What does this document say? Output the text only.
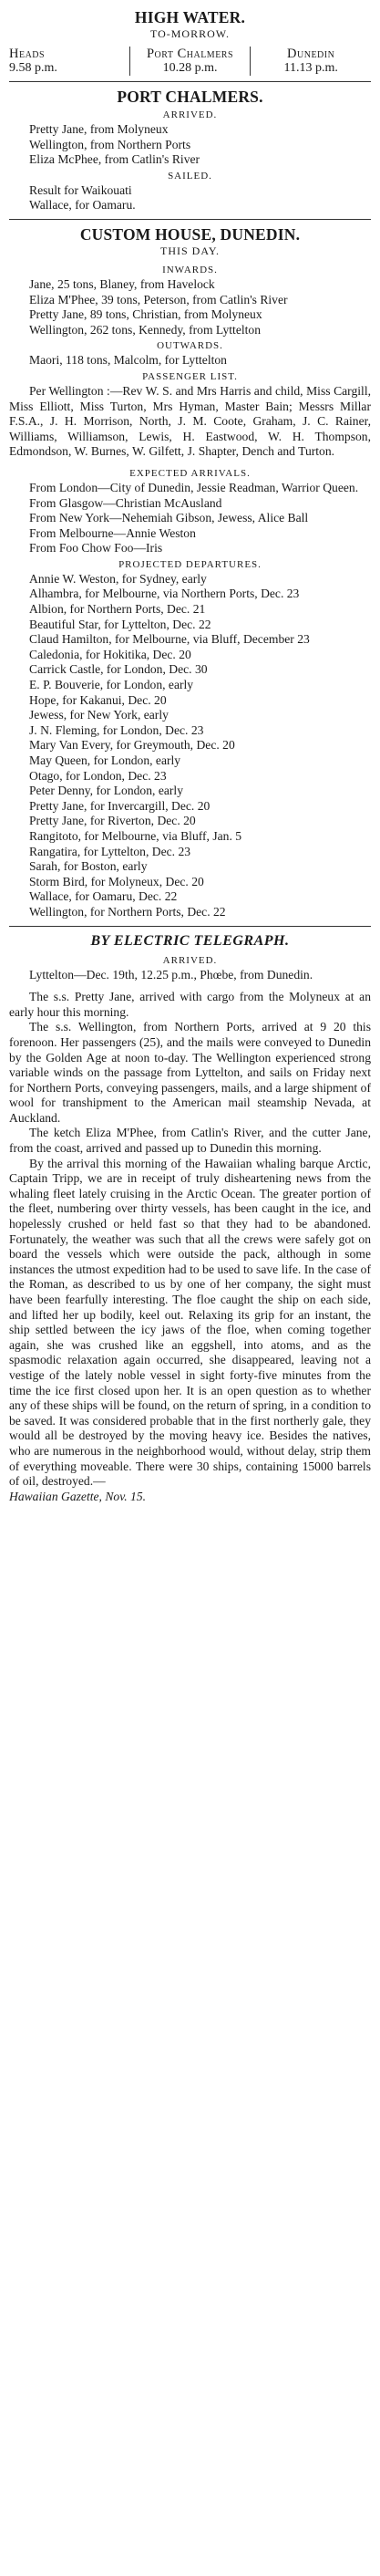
HIGH WATER.
TO-MORROW.
Heads
9.58 p.m.
Port Chalmers
10.28 p.m.
Dunedin
11.13 p.m.
PORT CHALMERS.
ARRIVED.
Pretty Jane, from Molyneux
Wellington, from Northern Ports
Eliza McPhee, from Catlin's River
SAILED.
Result for Waikouati
Wallace, for Oamaru.
CUSTOM HOUSE, DUNEDIN.
THIS DAY.
INWARDS.
Jane, 25 tons, Blaney, from Havelock
Eliza M'Phee, 39 tons, Peterson, from Catlin's River
Pretty Jane, 89 tons, Christian, from Molyneux
Wellington, 262 tons, Kennedy, from Lyttelton
OUTWARDS.
Maori, 118 tons, Malcolm, for Lyttelton
PASSENGER LIST.
Per Wellington :—Rev W. S. and Mrs Harris and child, Miss Cargill, Miss Elliott, Miss Turton, Mrs Hyman, Master Bain; Messrs Millar F.S.A., J. H. Morrison, North, J. M. Coote, Graham, J. C. Rainer, Williams, Williamson, Lewis, H. Eastwood, W. H. Thompson, Edmondson, W. Burnes, W. Gilfett, J. Shapter, Dench and Turton.
EXPECTED ARRIVALS.
From London—City of Dunedin, Jessie Readman, Warrior Queen.
From Glasgow—Christian McAusland
From New York—Nehemiah Gibson, Jewess, Alice Ball
From Melbourne—Annie Weston
From Foo Chow Foo—Iris
PROJECTED DEPARTURES.
Annie W. Weston, for Sydney, early
Alhambra, for Melbourne, via Northern Ports, Dec. 23
Albion, for Northern Ports, Dec. 21
Beautiful Star, for Lyttelton, Dec. 22
Claud Hamilton, for Melbourne, via Bluff, December 23
Caledonia, for Hokitika, Dec. 20
Carrick Castle, for London, Dec. 30
E. P. Bouverie, for London, early
Hope, for Kakanui, Dec. 20
Jewess, for New York, early
J. N. Fleming, for London, Dec. 23
Mary Van Every, for Greymouth, Dec. 20
May Queen, for London, early
Otago, for London, Dec. 23
Peter Denny, for London, early
Pretty Jane, for Invercargill, Dec. 20
Pretty Jane, for Riverton, Dec. 20
Rangitoto, for Melbourne, via Bluff, Jan. 5
Rangatira, for Lyttelton, Dec. 23
Sarah, for Boston, early
Storm Bird, for Molyneux, Dec. 20
Wallace, for Oamaru, Dec. 22
Wellington, for Northern Ports, Dec. 22
BY ELECTRIC TELEGRAPH.
ARRIVED.
Lyttelton—Dec. 19th, 12.25 p.m., Phœbe, from Dunedin.

The s.s. Pretty Jane, arrived with cargo from the Molyneux at an early hour this morning.

The s.s. Wellington, from Northern Ports, arrived at 9 20 this forenoon. Her passengers (25), and the mails were conveyed to Dunedin by the Golden Age at noon to-day. The Wellington experienced strong variable winds on the passage from Lyttelton, and sails on Friday next for Northern Ports, conveying passengers, mails, and a large shipment of wool for transhipment to the American mail steamship Nevada, at Auckland.

The ketch Eliza M'Phee, from Catlin's River, and the cutter Jane, from the coast, arrived and passed up to Dunedin this morning.

By the arrival this morning of the Hawaiian whaling barque Arctic, Captain Tripp, we are in receipt of truly disheartening news from the whaling fleet lately cruising in the Arctic Ocean. The greater portion of the fleet, numbering over thirty vessels, has been caught in the ice, and hopelessly crushed or held fast so that they had to be abandoned. Fortunately, the weather was such that all the crews were safely got on board the vessels which were outside the pack, although in some instances the utmost expedition had to be used to save life. In the case of the Roman, as described to us by one of her company, the sight must have been fearfully interesting. The floe caught the ship on each side, and lifted her up bodily, keel out. Relaxing its grip for an instant, the ship settled between the icy jaws of the floe, when coming together again, she was crushed like an eggshell, into atoms, and as the spasmodic relaxation again occurred, she disappeared, leaving not a vestige of the lately noble vessel in sight forty-five minutes from the time the ice first closed upon her. It is an open question as to whether any of these ships will be found, on the return of spring, in a condition to be saved. It was considered probable that in the first northerly gale, they would all be destroyed by the moving heavy ice. Besides the natives, who are numerous in the neighborhood would, without delay, strip them of everything moveable. There were 30 ships, containing 15000 barrels of oil, destroyed.—

Hawaiian Gazette, Nov. 15.
